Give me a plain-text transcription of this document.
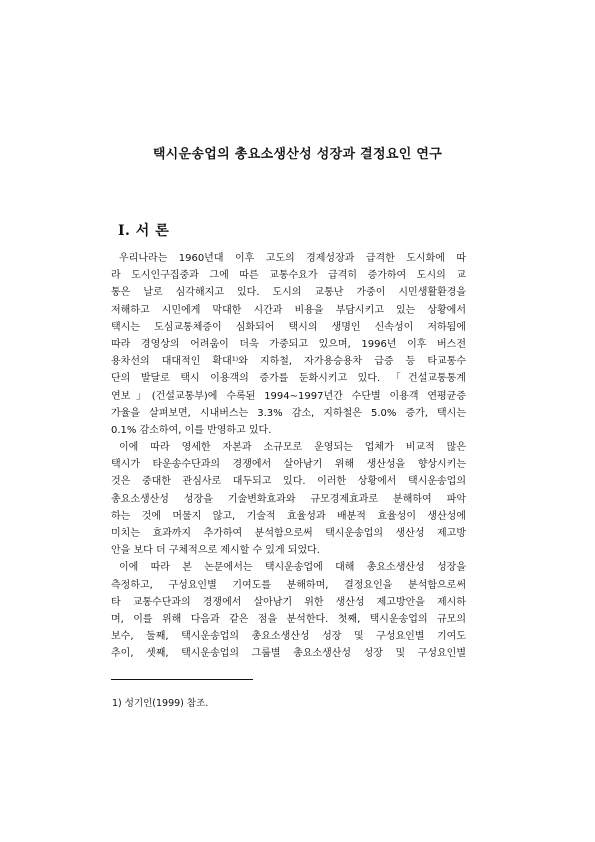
택시운송업의 총요소생산성 성장과 결정요인 연구
I. 서 론
우리나라는 1960년대 이후 고도의 경제성장과 급격한 도시화에 따
라 도시인구집중과 그에 따른 교통수요가 급격히 증가하여 도시의 교
통은 날로 심각해지고 있다. 도시의 교통난 가중이 시민생활환경을
저해하고 시민에게 막대한 시간과 비용을 부담시키고 있는 상황에서
택시는 도심교통체증이 심화되어 택시의 생명인 신속성이 저하됨에
따라 경영상의 어려움이 더욱 가중되고 있으며, 1996년 이후 버스전
용차선의 대대적인 확대¹⁾와 지하철, 자가용승용차 급증 등 타교통수
단의 발달로 택시 이용객의 증가를 둔화시키고 있다. 「건설교통통계
연보」(건설교통부)에 수록된 1994∼1997년간 수단별 이용객 연평균증
가율을 살펴보면, 시내버스는 3.3% 감소, 지하철은 5.0% 증가, 택시는
0.1% 감소하여, 이를 반영하고 있다.
이에 따라 영세한 자본과 소규모로 운영되는 업체가 비교적 많은
택시가 타운송수단과의 경쟁에서 살아남기 위해 생산성을 향상시키는
것은 중대한 관심사로 대두되고 있다. 이러한 상황에서 택시운송업의
총요소생산성 성장을 기술변화효과와 규모경제효과로 분해하여 파악
하는 것에 머물지 않고, 기술적 효율성과 배분적 효율성이 생산성에
미치는 효과까지 추가하여 분석함으로써 택시운송업의 생산성 제고방
안을 보다 더 구체적으로 제시할 수 있게 되었다.
이에 따라 본 논문에서는 택시운송업에 대해 총요소생산성 성장을
측정하고, 구성요인별 기여도를 분해하며, 결정요인을 분석함으로써
타 교통수단과의 경쟁에서 살아남기 위한 생산성 제고방안을 제시하
며, 이를 위해 다음과 같은 점을 분석한다. 첫째, 택시운송업의 규모의
보수, 둘째, 택시운송업의 총요소생산성 성장 및 구성요인별 기여도
추이, 셋째, 택시운송업의 그룹별 총요소생산성 성장 및 구성요인별
1) 성기인(1999) 참조.
